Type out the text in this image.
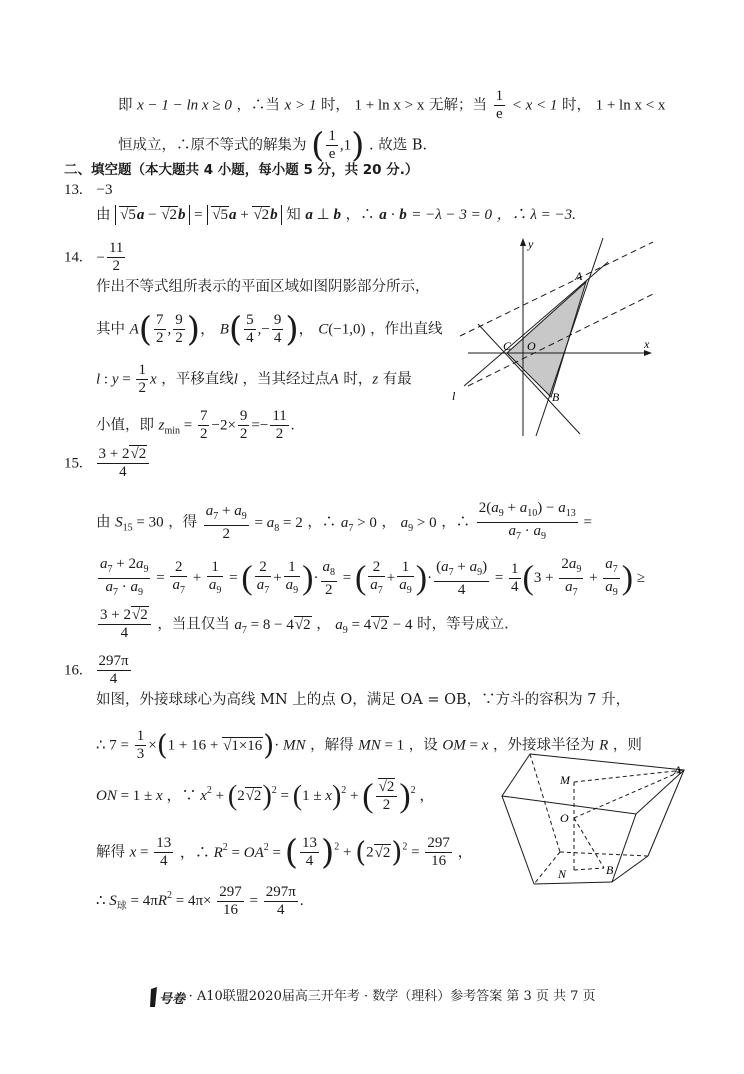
即 x − 1 − ln x ≥ 0 ，∴当 x > 1 时， 1 + ln x > x 无解；当 $\frac{1}{e} < x < 1$ 时， 1 + ln x < x
恒成立，∴原不等式的解集为 ( $\frac{1}{e} ,1$) . 故选 B.
二、填空题（本大题共 4 小题，每小题 5 分，共 20 分.）
13. −3
由 √5a − √2b = √5a + √2b 知 a ⊥ b ，∴ a · b = −λ − 3 = 0 ，∴ λ = −3.
14. − $\frac{11}{2}$
作出不等式组所表示的平面区域如图阴影部分所示，
其中 $A( \frac{7}{2}$ , $\frac{9}{2}$ )， $B( \frac{5}{4}$ ,− $\frac{9}{4}$ )， C(−1,0) ，作出直线
l : $y = \frac{1}{2}$ x ，平移直线l ，当其经过点A 时，z 有最
小值，即 $z_{min} = \frac{7}{2} -2\times \frac{9}{2} =- \frac{11}{2}$ .
y
x
A
B
C O
l
15. $\frac{3 + 2√2}{4}$
由 $S_{15} = 30$ ，得 $\frac{a_7 + a_9}{2} = a_8 = 2$ ，∴ $a_7 > 0$ ， $a_9 > 0$ ，∴ $\frac{2(a_9 + a_{10}) - a_{13}}{a_7 \cdot a_9}$ =
$\frac{a_7 + 2a_9}{a_7 \cdot a_9} = \frac{2}{a_7} + \frac{1}{a_9}$ = ( $\frac{2}{a_7} + \frac{1}{a_9}$ )· $\frac{a_8}{2}$ = ( $\frac{2}{a_7} + \frac{1}{a_9}$ )· $\frac{(a_7 + a_9)}{4} = \frac{1}{4} (3 + \frac{2a_9}{a_7} + \frac{a_7}{a_9}$ ) ≥
$\frac{3 + 2√2}{4}$ ，当且仅当 $a_7 = 8 - 4√2$ ， $a_9 = 4√2 - 4$ 时，等号成立.
16. $\frac{297\pi}{4}$
如图，外接球球心为高线 MN 上的点 O，满足 OA = OB，∵方斗的容积为 7 升，
∴ $7 = \frac{1}{3} \times(1 + 16 + √1\times 16)\cdot$ MN ，解得 MN = 1 ，设 OM = x ，外接球半径为 R ，则
ON = 1 ± x ，∵ $x^2 + (2√2)^2 = (1 \pm x)^2$ + ( $\frac{√2}{2} )^2$ ，
解得 $x = \frac{13}{4}$ ，∴ $R^2 = OA^2$ = ( $\frac{13}{4} )^2 + (2√2)^2 = \frac{297}{16}$ ，
∴ $S_球 = 4\pi R^2 = 4\pi\times \frac{297}{16} = \frac{297\pi}{4}$ .
A
M
O
N	B
号卷 · A10联盟2020届高三开年考 · 数学（理科）参考答案 第 3 页 共 7 页
